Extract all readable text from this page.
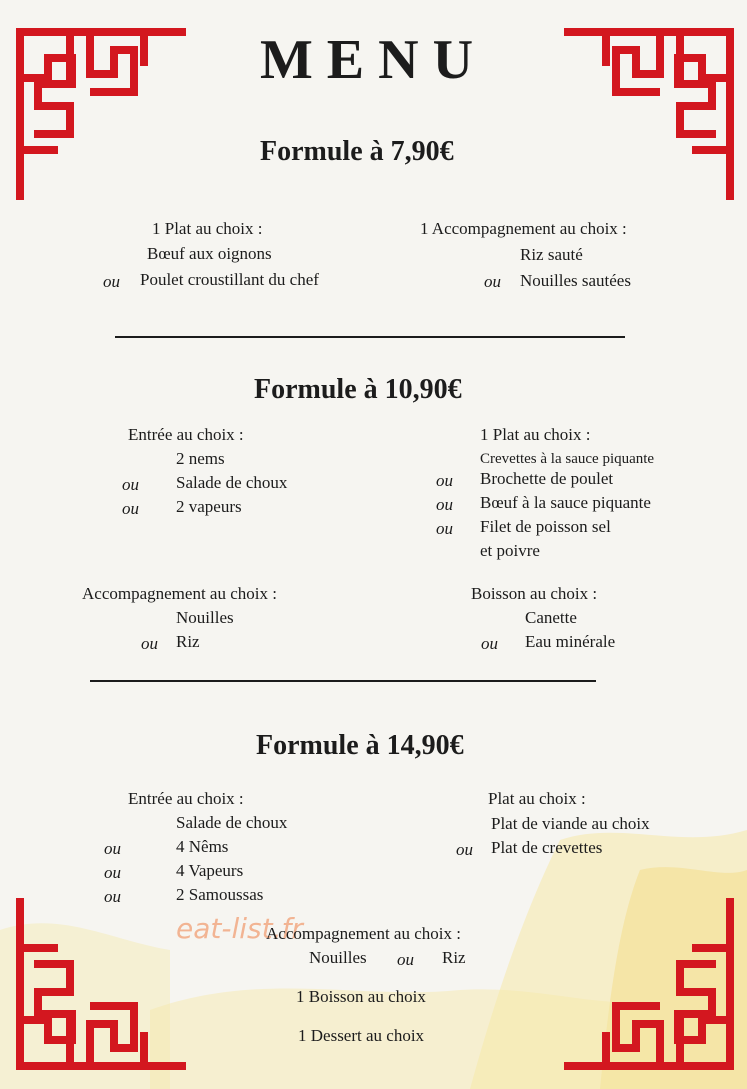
MENU
Formule à 7,90€
1 Plat au choix :
Bœuf aux oignons
ou Poulet croustillant du chef
1 Accompagnement au choix :
Riz sauté
ou Nouilles sautées
Formule à 10,90€
Entrée au choix :
2 nems
ou Salade de choux
ou 2 vapeurs
1 Plat au choix :
Crevettes à la sauce piquante
ou Brochette de poulet
ou Bœuf à la sauce piquante
ou Filet de poisson sel
et poivre
Accompagnement au choix :
Nouilles
ou Riz
Boisson au choix :
Canette
ou Eau minérale
Formule à 14,90€
Entrée au choix :
Salade de choux
ou	4 Nêms
ou	4 Vapeurs
ou	2 Samoussas
Plat au choix :
Plat de viande au choix
ou Plat de crevettes
eat-list.fr
Accompagnement au choix :
Nouilles ou Riz
1 Boisson au choix
1 Dessert au choix
